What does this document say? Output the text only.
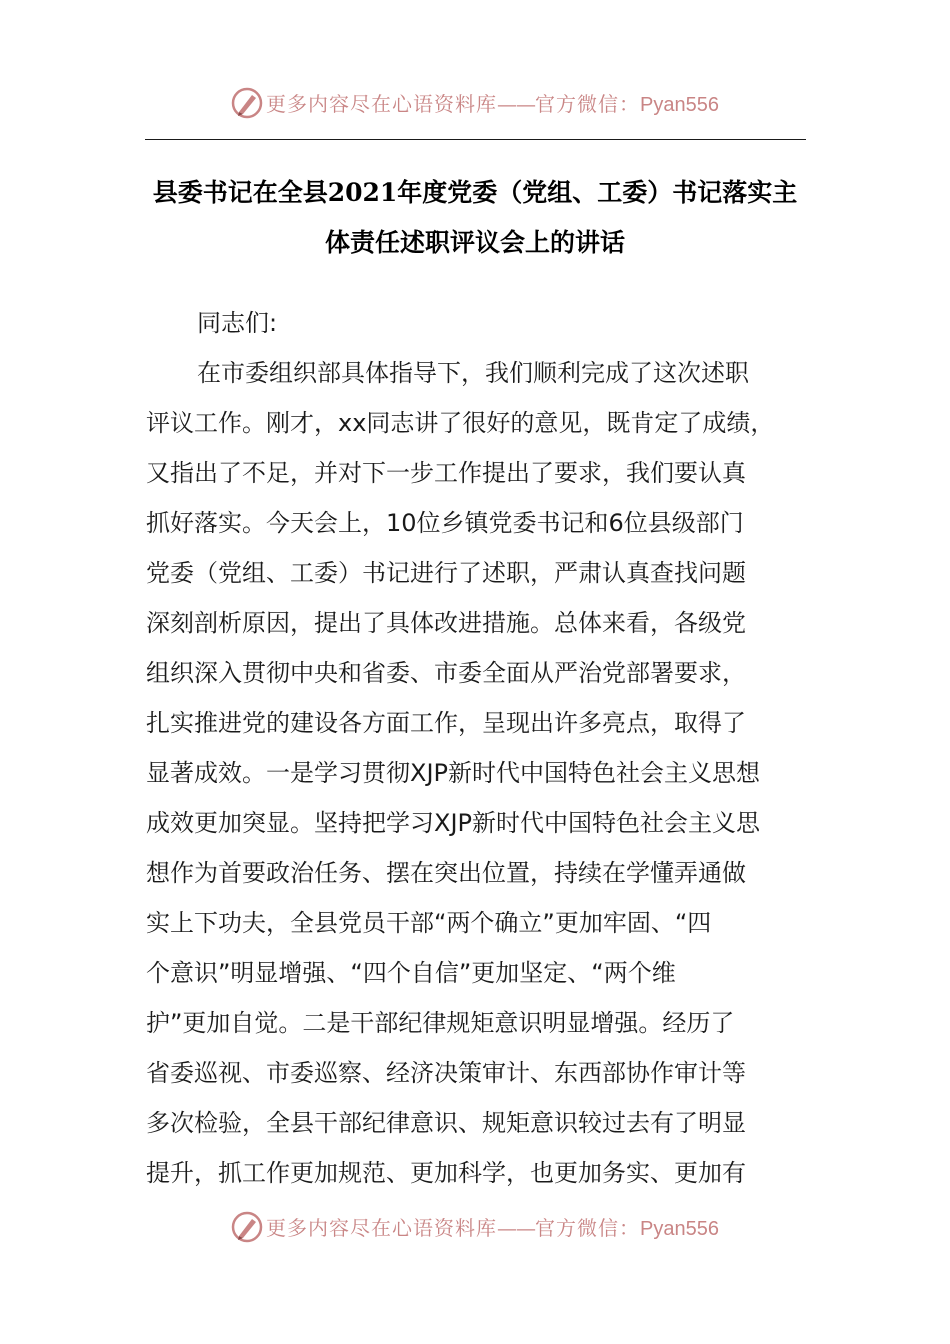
更多内容尽在心语资料库——官方微信：Pyan556
县委书记在全县2021年度党委（党组、工委）书记落实主
体责任述职评议会上的讲话
同志们:
在市委组织部具体指导下，我们顺利完成了这次述职
评议工作。刚才，xx同志讲了很好的意见，既肯定了成绩，
又指出了不足，并对下一步工作提出了要求，我们要认真
抓好落实。今天会上，10位乡镇党委书记和6位县级部门
党委（党组、工委）书记进行了述职，严肃认真查找问题
深刻剖析原因，提出了具体改进措施。总体来看，各级党
组织深入贯彻中央和省委、市委全面从严治党部署要求，
扎实推进党的建设各方面工作，呈现出许多亮点，取得了
显著成效。一是学习贯彻XJP新时代中国特色社会主义思想
成效更加突显。坚持把学习XJP新时代中国特色社会主义思
想作为首要政治任务、摆在突出位置，持续在学懂弄通做
实上下功夫，全县党员干部“两个确立”更加牢固、“四
个意识”明显增强、“四个自信”更加坚定、“两个维
护”更加自觉。二是干部纪律规矩意识明显增强。经历了
省委巡视、市委巡察、经济决策审计、东西部协作审计等
多次检验，全县干部纪律意识、规矩意识较过去有了明显
提升，抓工作更加规范、更加科学，也更加务实、更加有
更多内容尽在心语资料库——官方微信：Pyan556
